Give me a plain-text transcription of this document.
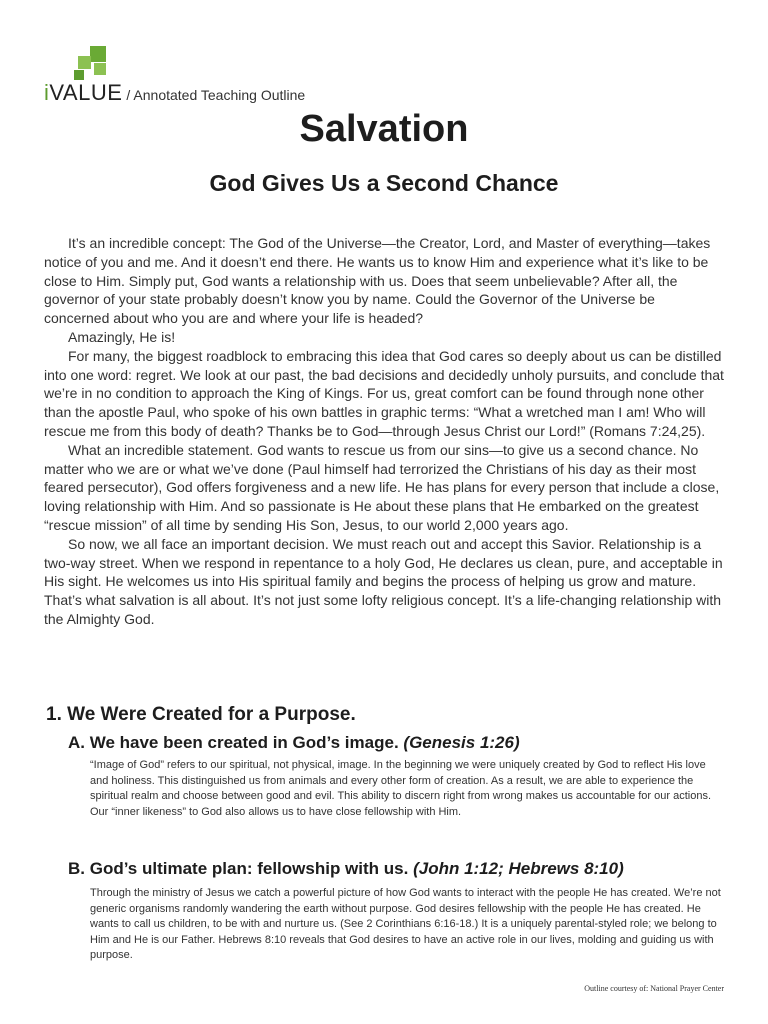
iVALUE / Annotated Teaching Outline
Salvation
God Gives Us a Second Chance

It’s an incredible concept: The God of the Universe—the Creator, Lord, and Master of everything—takes notice of you and me. And it doesn’t end there. He wants us to know Him and experience what it’s like to be close to Him. Simply put, God wants a relationship with us. Does that seem unbelievable? After all, the governor of your state probably doesn’t know you by name. Could the Governor of the Universe be concerned about who you are and where your life is headed?

Amazingly, He is!

For many, the biggest roadblock to embracing this idea that God cares so deeply about us can be distilled into one word: regret. We look at our past, the bad decisions and decidedly unholy pursuits, and conclude that we’re in no condition to approach the King of Kings. For us, great comfort can be found through none other than the apostle Paul, who spoke of his own battles in graphic terms: “What a wretched man I am! Who will rescue me from this body of death? Thanks be to God—through Jesus Christ our Lord!” (Romans 7:24,25).

What an incredible statement. God wants to rescue us from our sins—to give us a second chance. No matter who we are or what we’ve done (Paul himself had terrorized the Christians of his day as their most feared persecutor), God offers forgiveness and a new life. He has plans for every person that include a close, loving relationship with Him. And so passionate is He about these plans that He embarked on the greatest “rescue mission” of all time by sending His Son, Jesus, to our world 2,000 years ago.

So now, we all face an important decision. We must reach out and accept this Savior. Relationship is a two-way street. When we respond in repentance to a holy God, He declares us clean, pure, and acceptable in His sight. He welcomes us into His spiritual family and begins the process of helping us grow and mature. That’s what salvation is all about. It’s not just some lofty religious concept. It’s a life-changing relationship with the Almighty God.

1. We Were Created for a Purpose.
A. We have been created in God’s image. (Genesis 1:26)
“Image of God” refers to our spiritual, not physical, image. In the beginning we were uniquely created by God to reflect His love and holiness. This distinguished us from animals and every other form of creation. As a result, we are able to experience the spiritual realm and choose between good and evil. This ability to discern right from wrong makes us accountable for our actions. Our “inner likeness” to God also allows us to have close fellowship with Him.
B. God’s ultimate plan: fellowship with us. (John 1:12; Hebrews 8:10)
Through the ministry of Jesus we catch a powerful picture of how God wants to interact with the people He has created. We’re not generic organisms randomly wandering the earth without purpose. God desires fellowship with the people He has created. He wants to call us children, to be with and nurture us. (See 2 Corinthians 6:16-18.) It is a uniquely parental-styled role; we belong to Him and He is our Father. Hebrews 8:10 reveals that God desires to have an active role in our lives, molding and guiding us with purpose.
Outline courtesy of: National Prayer Center
